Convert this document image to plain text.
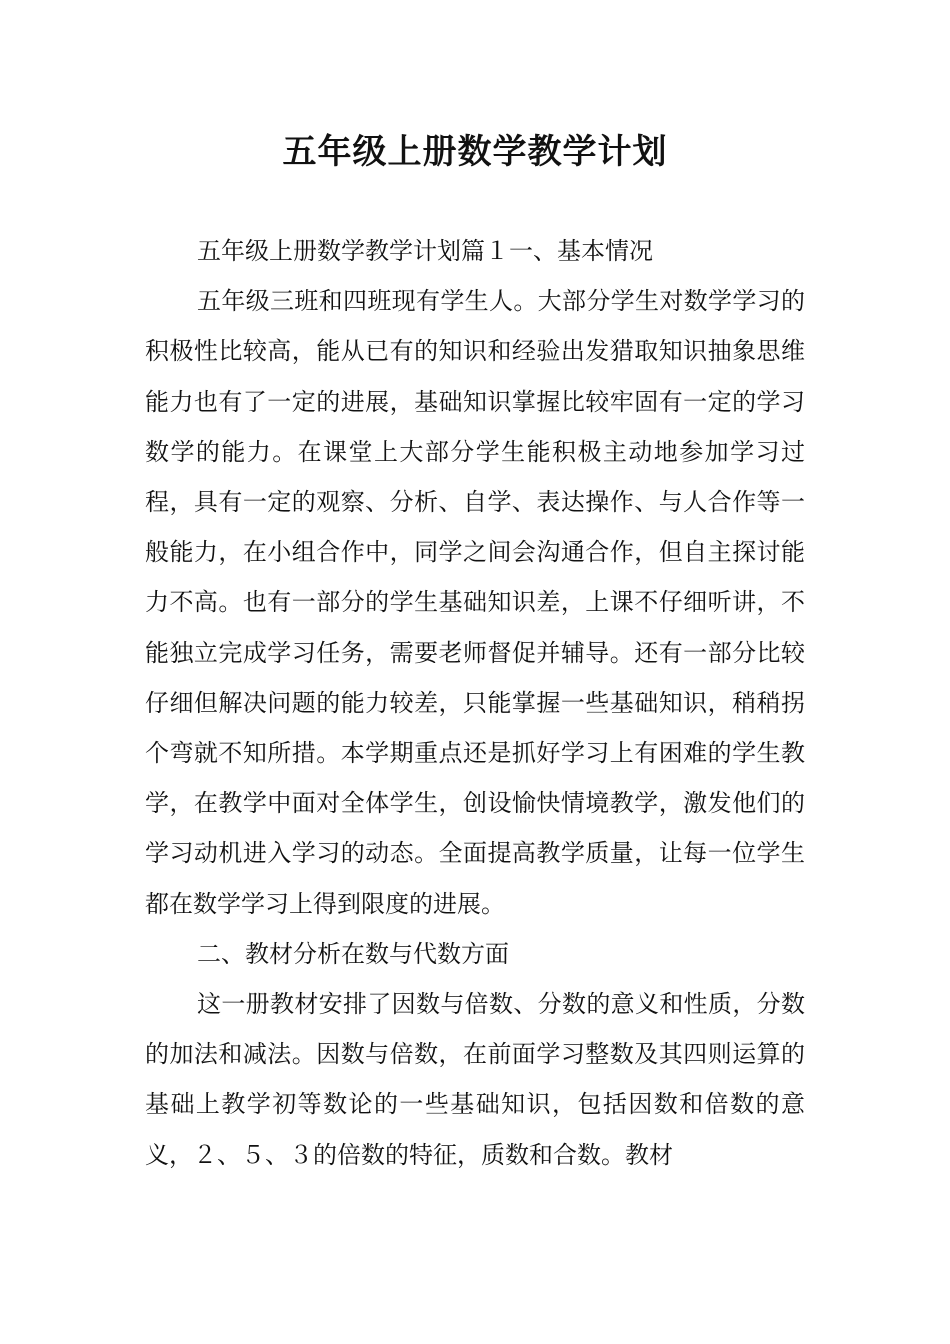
五年级上册数学教学计划

五年级上册数学教学计划篇１一、基本情况

五年级三班和四班现有学生人。大部分学生对数学学习的积极性比较高，能从已有的知识和经验出发猎取知识抽象思维能力也有了一定的进展，基础知识掌握比较牢固有一定的学习数学的能力。在课堂上大部分学生能积极主动地参加学习过程，具有一定的观察、分析、自学、表达操作、与人合作等一般能力，在小组合作中，同学之间会沟通合作，但自主探讨能力不高。也有一部分的学生基础知识差，上课不仔细听讲，不能独立完成学习任务，需要老师督促并辅导。还有一部分比较仔细但解决问题的能力较差，只能掌握一些基础知识，稍稍拐个弯就不知所措。本学期重点还是抓好学习上有困难的学生教学，在教学中面对全体学生，创设愉快情境教学，激发他们的学习动机进入学习的动态。全面提高教学质量，让每一位学生都在数学学习上得到限度的进展。

二、教材分析在数与代数方面

这一册教材安排了因数与倍数、分数的意义和性质，分数的加法和减法。因数与倍数，在前面学习整数及其四则运算的基础上教学初等数论的一些基础知识，包括因数和倍数的意义，２、５、３的倍数的特征，质数和合数。教材
